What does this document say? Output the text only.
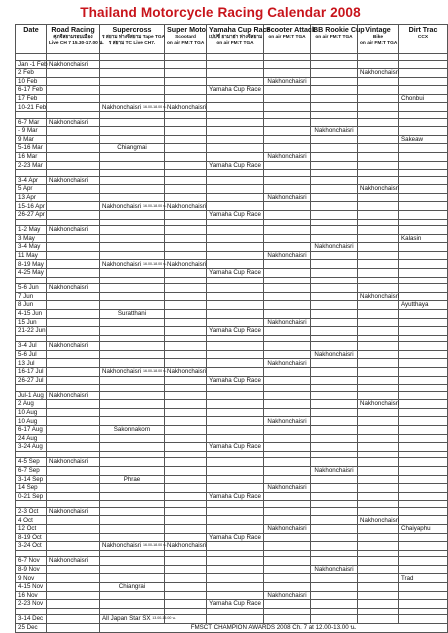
Thailand Motorcycle Racing Calendar 2008
Date	Road Racing
ศุภจีสยามรอบเมือง
Live CH 7 15.30-17.00 น.	Supercross
ร สยาม ห่างจีสยาม Tape TGA
ร สยาม TC Live CH7.	Super Moto
Scootard
on air FM:T TGA	Yamaha Cup Race
เปปซี่ ยามาฮ่า ห่างจีสยาม
on air FM:T TGA	Scooter Attack
on air FM:T TGA	BB Rookie Cup
on air FM:T TGA	Vintage
Bike
on air FM:T TGA	Dirt Trac
CCX

Jan -1 Feb	Nakhonchaisri							
2 Feb							Nakhonchaisri	
10 Feb					Nakhonchaisri			
6-17 Feb				Yamaha Cup Race				
17 Feb								Chonbui
10-21 Feb		Nakhonchaisri $^{16.00-18.00 น.}$	Nakhonchaisri					

6-7 Mar	Nakhonchaisri							
- 9 Mar						Nakhonchaisri		
9 Mar								Sakeaw
5-16 Mar		Chiangmai						
16 Mar					Nakhonchaisri			
2-23 Mar				Yamaha Cup Race				

3-4 Apr	Nakhonchaisri							
5 Apr							Nakhonchaisri	
13 Apr					Nakhonchaisri			
15-16 Apr		Nakhonchaisri $^{16.00-18.00 น.}$	Nakhonchaisri					
26-27 Apr				Yamaha Cup Race				

1-2 May	Nakhonchaisri							
3 May								Kalasin
3-4 May						Nakhonchaisri		
11 May					Nakhonchaisri			
8-19 May		Nakhonchaisri $^{16.00-18.00 น.}$	Nakhonchaisri					
4-25 May				Yamaha Cup Race				

5-6 Jun	Nakhonchaisri							
7 Jun							Nakhonchaisri	
8 Jun								Ayutthaya
4-15 Jun		Suratthani						
15 Jun					Nakhonchaisri			
21-22 Jun				Yamaha Cup Race				

3-4 Jul	Nakhonchaisri							
5-6 Jul						Nakhonchaisri		
13 Jul					Nakhonchaisri			
16-17 Jul		Nakhonchaisri $^{16.00-18.00 น.}$	Nakhonchaisri					
26-27 Jul				Yamaha Cup Race				

Jul-1 Aug	Nakhonchaisri							
2 Aug							Nakhonchaisri	
10 Aug								
10 Aug					Nakhonchaisri			
6-17 Aug		Sakonnakorn						
24 Aug								
3-24 Aug				Yamaha Cup Race				

4-5 Sep	Nakhonchaisri							
6-7 Sep						Nakhonchaisri		
3-14 Sep		Phrae						
14 Sep					Nakhonchaisri			
0-21 Sep				Yamaha Cup Race				

2-3 Oct	Nakhonchaisri							
4 Oct							Nakhonchaisri	
12 Oct					Nakhonchaisri			Chaiyaphu
8-19 Oct				Yamaha Cup Race				
3-24 Oct		Nakhonchaisri $^{16.00-18.00 น.}$	Nakhonchaisri					

6-7 Nov	Nakhonchaisri							
8-9 Nov						Nakhonchaisri		
9 Nov								Trad
4-15 Nov		Chiangrai						
16 Nov					Nakhonchaisri			
2-23 Nov				Yamaha Cup Race				

3-14 Dec		All Japan Star SX $^{13.00-15.00 น.}$						
25 Dec		FMSCT CHAMPION AWARDS 2008 Ch. 7 at 12.00-13.00 น.						
